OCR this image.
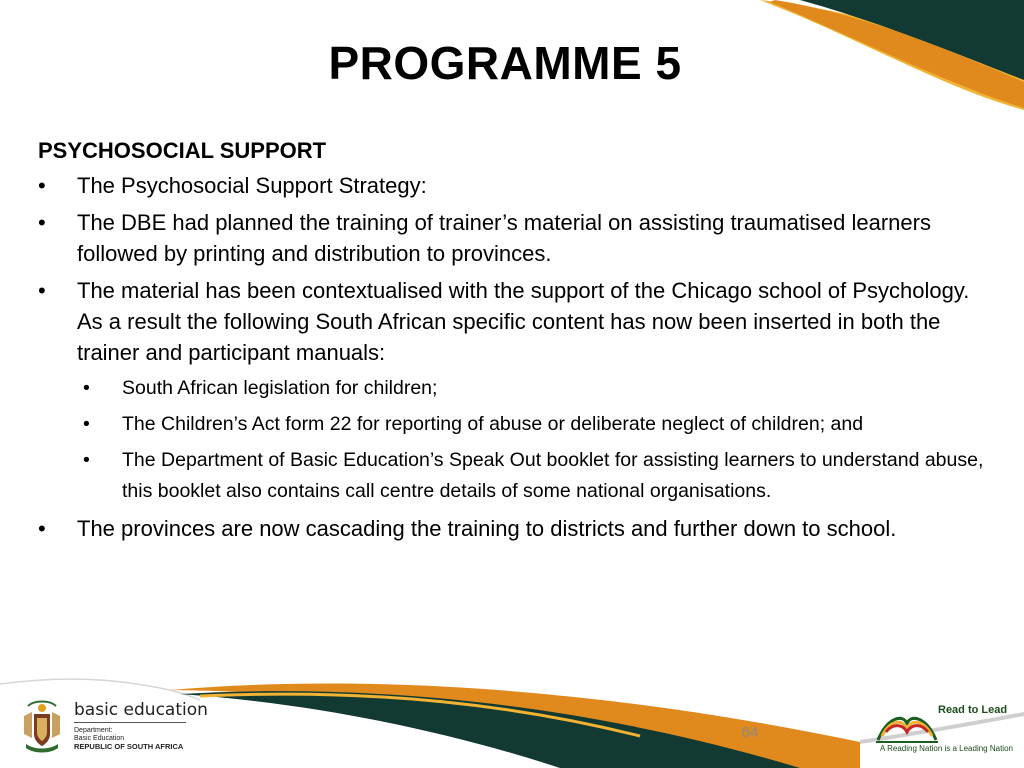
PROGRAMME 5

PSYCHOSOCIAL SUPPORT

• The Psychosocial Support Strategy:
• The DBE had planned the training of trainer’s material on assisting traumatised learners followed by printing and distribution to provinces.
• The material has been contextualised with the support of the Chicago school of Psychology. As a result the following South African specific content has now been inserted in both the trainer and participant manuals:
• South African legislation for children;
• The Children’s Act form 22 for reporting of abuse or deliberate neglect of children; and
• The Department of Basic Education’s Speak Out booklet for assisting learners to understand abuse, this booklet also contains call centre details of some national organisations.
• The provinces are now cascading the training to districts and further down to school.
basic education
Department:
Basic Education
REPUBLIC OF SOUTH AFRICA
64
Read to Lead
A Reading Nation is a Leading Nation
